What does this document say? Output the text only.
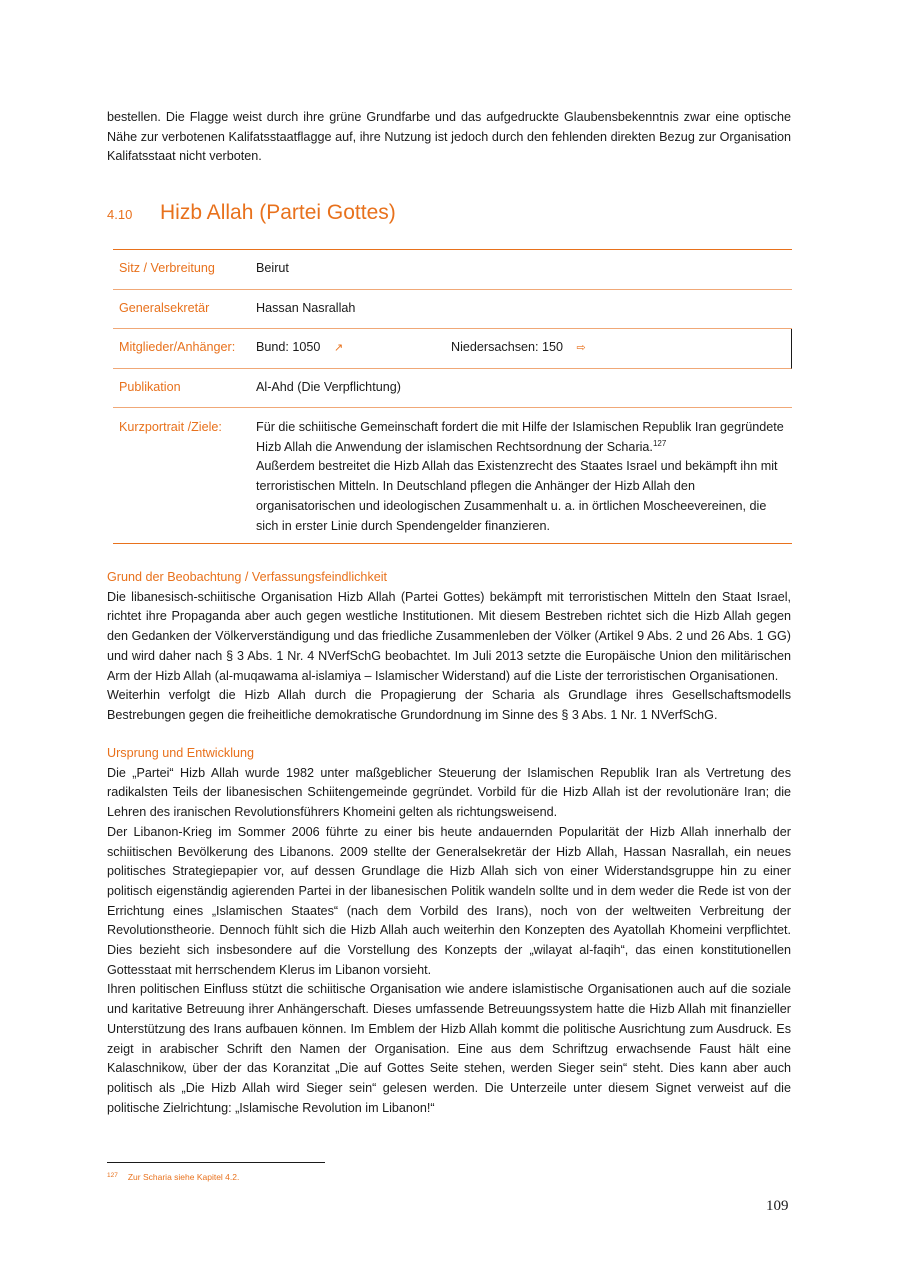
bestellen. Die Flagge weist durch ihre grüne Grundfarbe und das aufgedruckte Glaubensbekenntnis zwar eine optische Nähe zur verbotenen Kalifatsstaatflagge auf, ihre Nutzung ist jedoch durch den fehlenden direkten Bezug zur Organisation Kalifatsstaat nicht verboten.

4.10	Hizb Allah (Partei Gottes)
Sitz / Verbreitung	Beirut
Generalsekretär	Hassan Nasrallah
Mitglieder/Anhänger:	Bund: 1050 ↗	Niedersachsen: 150 ⇨
Publikation	Al-Ahd (Die Verpflichtung)
Kurzportrait /Ziele:	Für die schiitische Gemeinschaft fordert die mit Hilfe der Islamischen Republik Iran gegründete Hizb Allah die Anwendung der islamischen Rechtsordnung der Scharia.$^{127}$
Außerdem bestreitet die Hizb Allah das Existenzrecht des Staates Israel und bekämpft ihn mit terroristischen Mitteln. In Deutschland pflegen die Anhänger der Hizb Allah den organisatorischen und ideologischen Zusammenhalt u. a. in örtlichen Moscheevereinen, die sich in erster Linie durch Spendengelder finanzieren.

Grund der Beobachtung / Verfassungsfeindlichkeit

Die libanesisch-schiitische Organisation Hizb Allah (Partei Gottes) bekämpft mit terroristischen Mitteln den Staat Israel, richtet ihre Propaganda aber auch gegen westliche Institutionen. Mit diesem Bestreben richtet sich die Hizb Allah gegen den Gedanken der Völkerverständigung und das friedliche Zusammenleben der Völker (Artikel 9 Abs. 2 und 26 Abs. 1 GG) und wird daher nach § 3 Abs. 1 Nr. 4 NVerfSchG beobachtet. Im Juli 2013 setzte die Europäische Union den militärischen Arm der Hizb Allah (al-muqawama al-islamiya – Islamischer Widerstand) auf die Liste der terroristischen Organisationen.

Weiterhin verfolgt die Hizb Allah durch die Propagierung der Scharia als Grundlage ihres Gesellschaftsmodells Bestrebungen gegen die freiheitliche demokratische Grundordnung im Sinne des § 3 Abs. 1 Nr. 1 NVerfSchG.

Ursprung und Entwicklung

Die „Partei“ Hizb Allah wurde 1982 unter maßgeblicher Steuerung der Islamischen Republik Iran als Vertretung des radikalsten Teils der libanesischen Schiitengemeinde gegründet. Vorbild für die Hizb Allah ist der revolutionäre Iran; die Lehren des iranischen Revolutionsführers Khomeini gelten als richtungsweisend.

Der Libanon-Krieg im Sommer 2006 führte zu einer bis heute andauernden Popularität der Hizb Allah innerhalb der schiitischen Bevölkerung des Libanons. 2009 stellte der Generalsekretär der Hizb Allah, Hassan Nasrallah, ein neues politisches Strategiepapier vor, auf dessen Grundlage die Hizb Allah sich von einer Widerstandsgruppe hin zu einer politisch eigenständig agierenden Partei in der libanesischen Politik wandeln sollte und in dem weder die Rede ist von der Errichtung eines „Islamischen Staates“ (nach dem Vorbild des Irans), noch von der weltweiten Verbreitung der Revolutionstheorie. Dennoch fühlt sich die Hizb Allah auch weiterhin den Konzepten des Ayatollah Khomeini verpflichtet. Dies bezieht sich insbesondere auf die Vorstellung des Konzepts der „wilayat al-faqih“, das einen konstitutionellen Gottesstaat mit herrschendem Klerus im Libanon vorsieht.

Ihren politischen Einfluss stützt die schiitische Organisation wie andere islamistische Organisationen auch auf die soziale und karitative Betreuung ihrer Anhängerschaft. Dieses umfassende Betreuungssystem hatte die Hizb Allah mit finanzieller Unterstützung des Irans aufbauen können. Im Emblem der Hizb Allah kommt die politische Ausrichtung zum Ausdruck. Es zeigt in arabischer Schrift den Namen der Organisation. Eine aus dem Schriftzug erwachsende Faust hält eine Kalaschnikow, über der das Koranzitat „Die auf Gottes Seite stehen, werden Sieger sein“ steht. Dies kann aber auch politisch als „Die Hizb Allah wird Sieger sein“ gelesen werden. Die Unterzeile unter diesem Signet verweist auf die politische Zielrichtung: „Islamische Revolution im Libanon!“

$^{127}$ Zur Scharia siehe Kapitel 4.2.
109
